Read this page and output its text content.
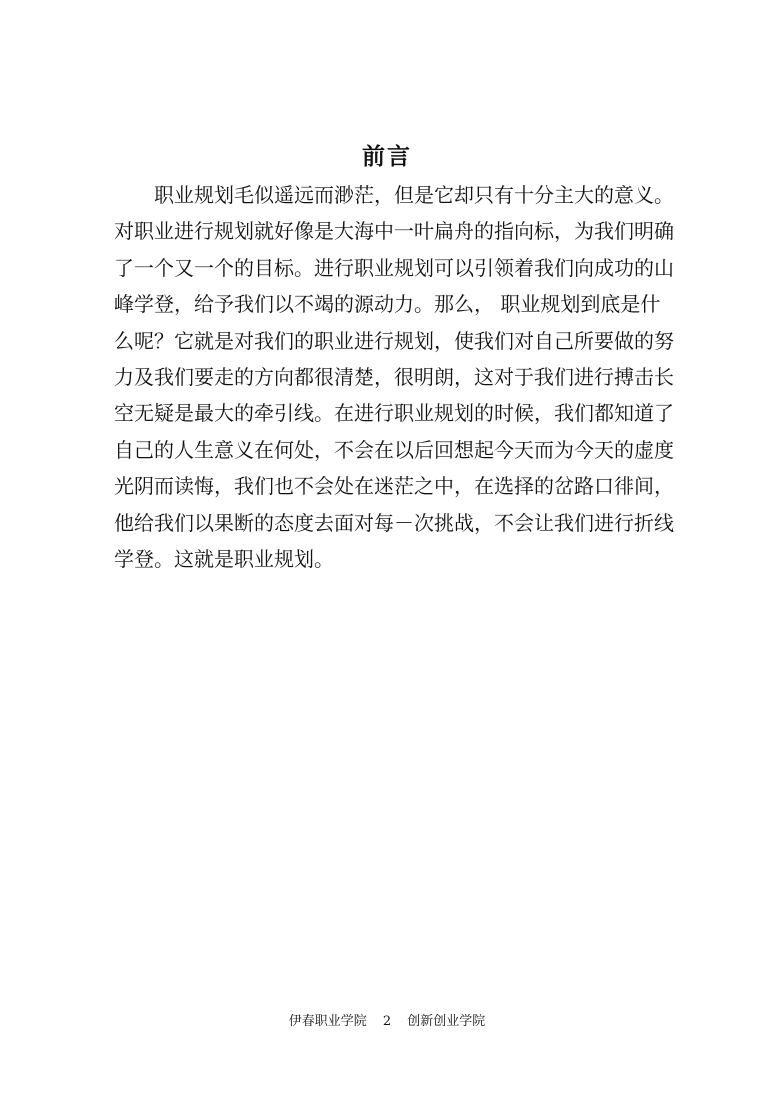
前言
职业规划毛似遥远而渺茫，但是它却只有十分主大的意义。
对职业进行规划就好像是大海中一叶扁舟的指向标，为我们明确
了一个又一个的目标。进行职业规划可以引领着我们向成功的山
峰学登，给予我们以不竭的源动力。那么， 职业规划到底是什
么呢？它就是对我们的职业进行规划，使我们对自己所要做的努
力及我们要走的方向都很清楚，很明朗，这对于我们进行搏击长
空无疑是最大的牵引线。在进行职业规划的时候，我们都知道了
自己的人生意义在何处，不会在以后回想起今天而为今天的虚度
光阴而读悔，我们也不会处在迷茫之中，在选择的岔路口徘间，
他给我们以果断的态度去面对每－次挑战，不会让我们进行折线
学登。这就是职业规划。
伊春职业学院 2 创新创业学院
